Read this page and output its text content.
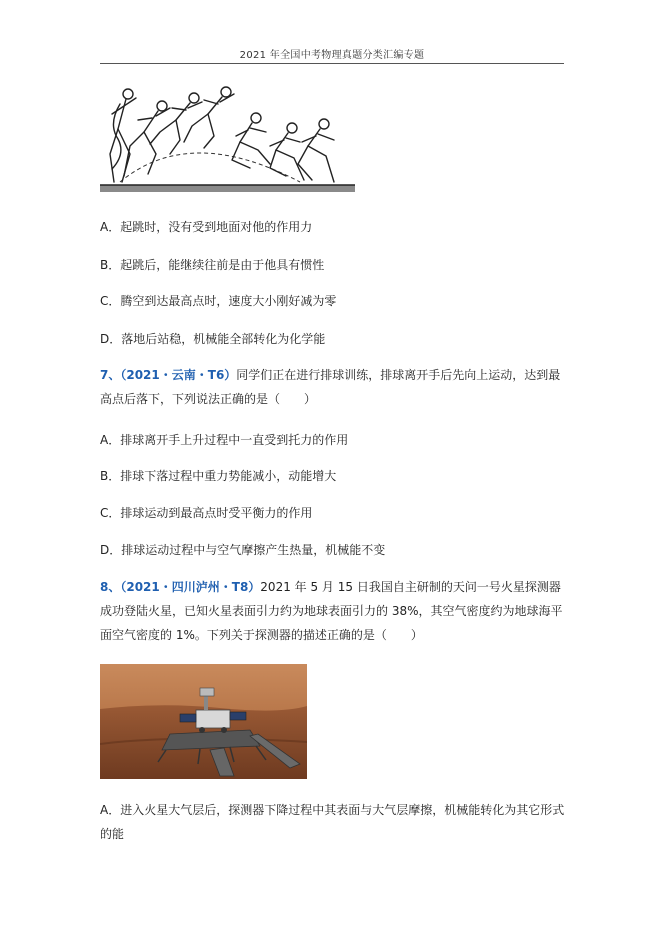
2021 年全国中考物理真题分类汇编专题
A．起跳时，没有受到地面对他的作用力
B．起跳后，能继续往前是由于他具有惯性
C．腾空到达最高点时，速度大小刚好减为零
D．落地后站稳，机械能全部转化为化学能
7、（2021・云南・T6）同学们正在进行排球训练，排球离开手后先向上运动，达到最高点后落下，下列说法正确的是（　　）
A．排球离开手上升过程中一直受到托力的作用
B．排球下落过程中重力势能减小，动能增大
C．排球运动到最高点时受平衡力的作用
D．排球运动过程中与空气摩擦产生热量，机械能不变
8、（2021・四川泸州・T8）2021 年 5 月 15 日我国自主研制的天问一号火星探测器成功登陆火星，已知火星表面引力约为地球表面引力的 38%，其空气密度约为地球海平面空气密度的 1%。下列关于探测器的描述正确的是（　　）
A．进入火星大气层后，探测器下降过程中其表面与大气层摩擦，机械能转化为其它形式的能
